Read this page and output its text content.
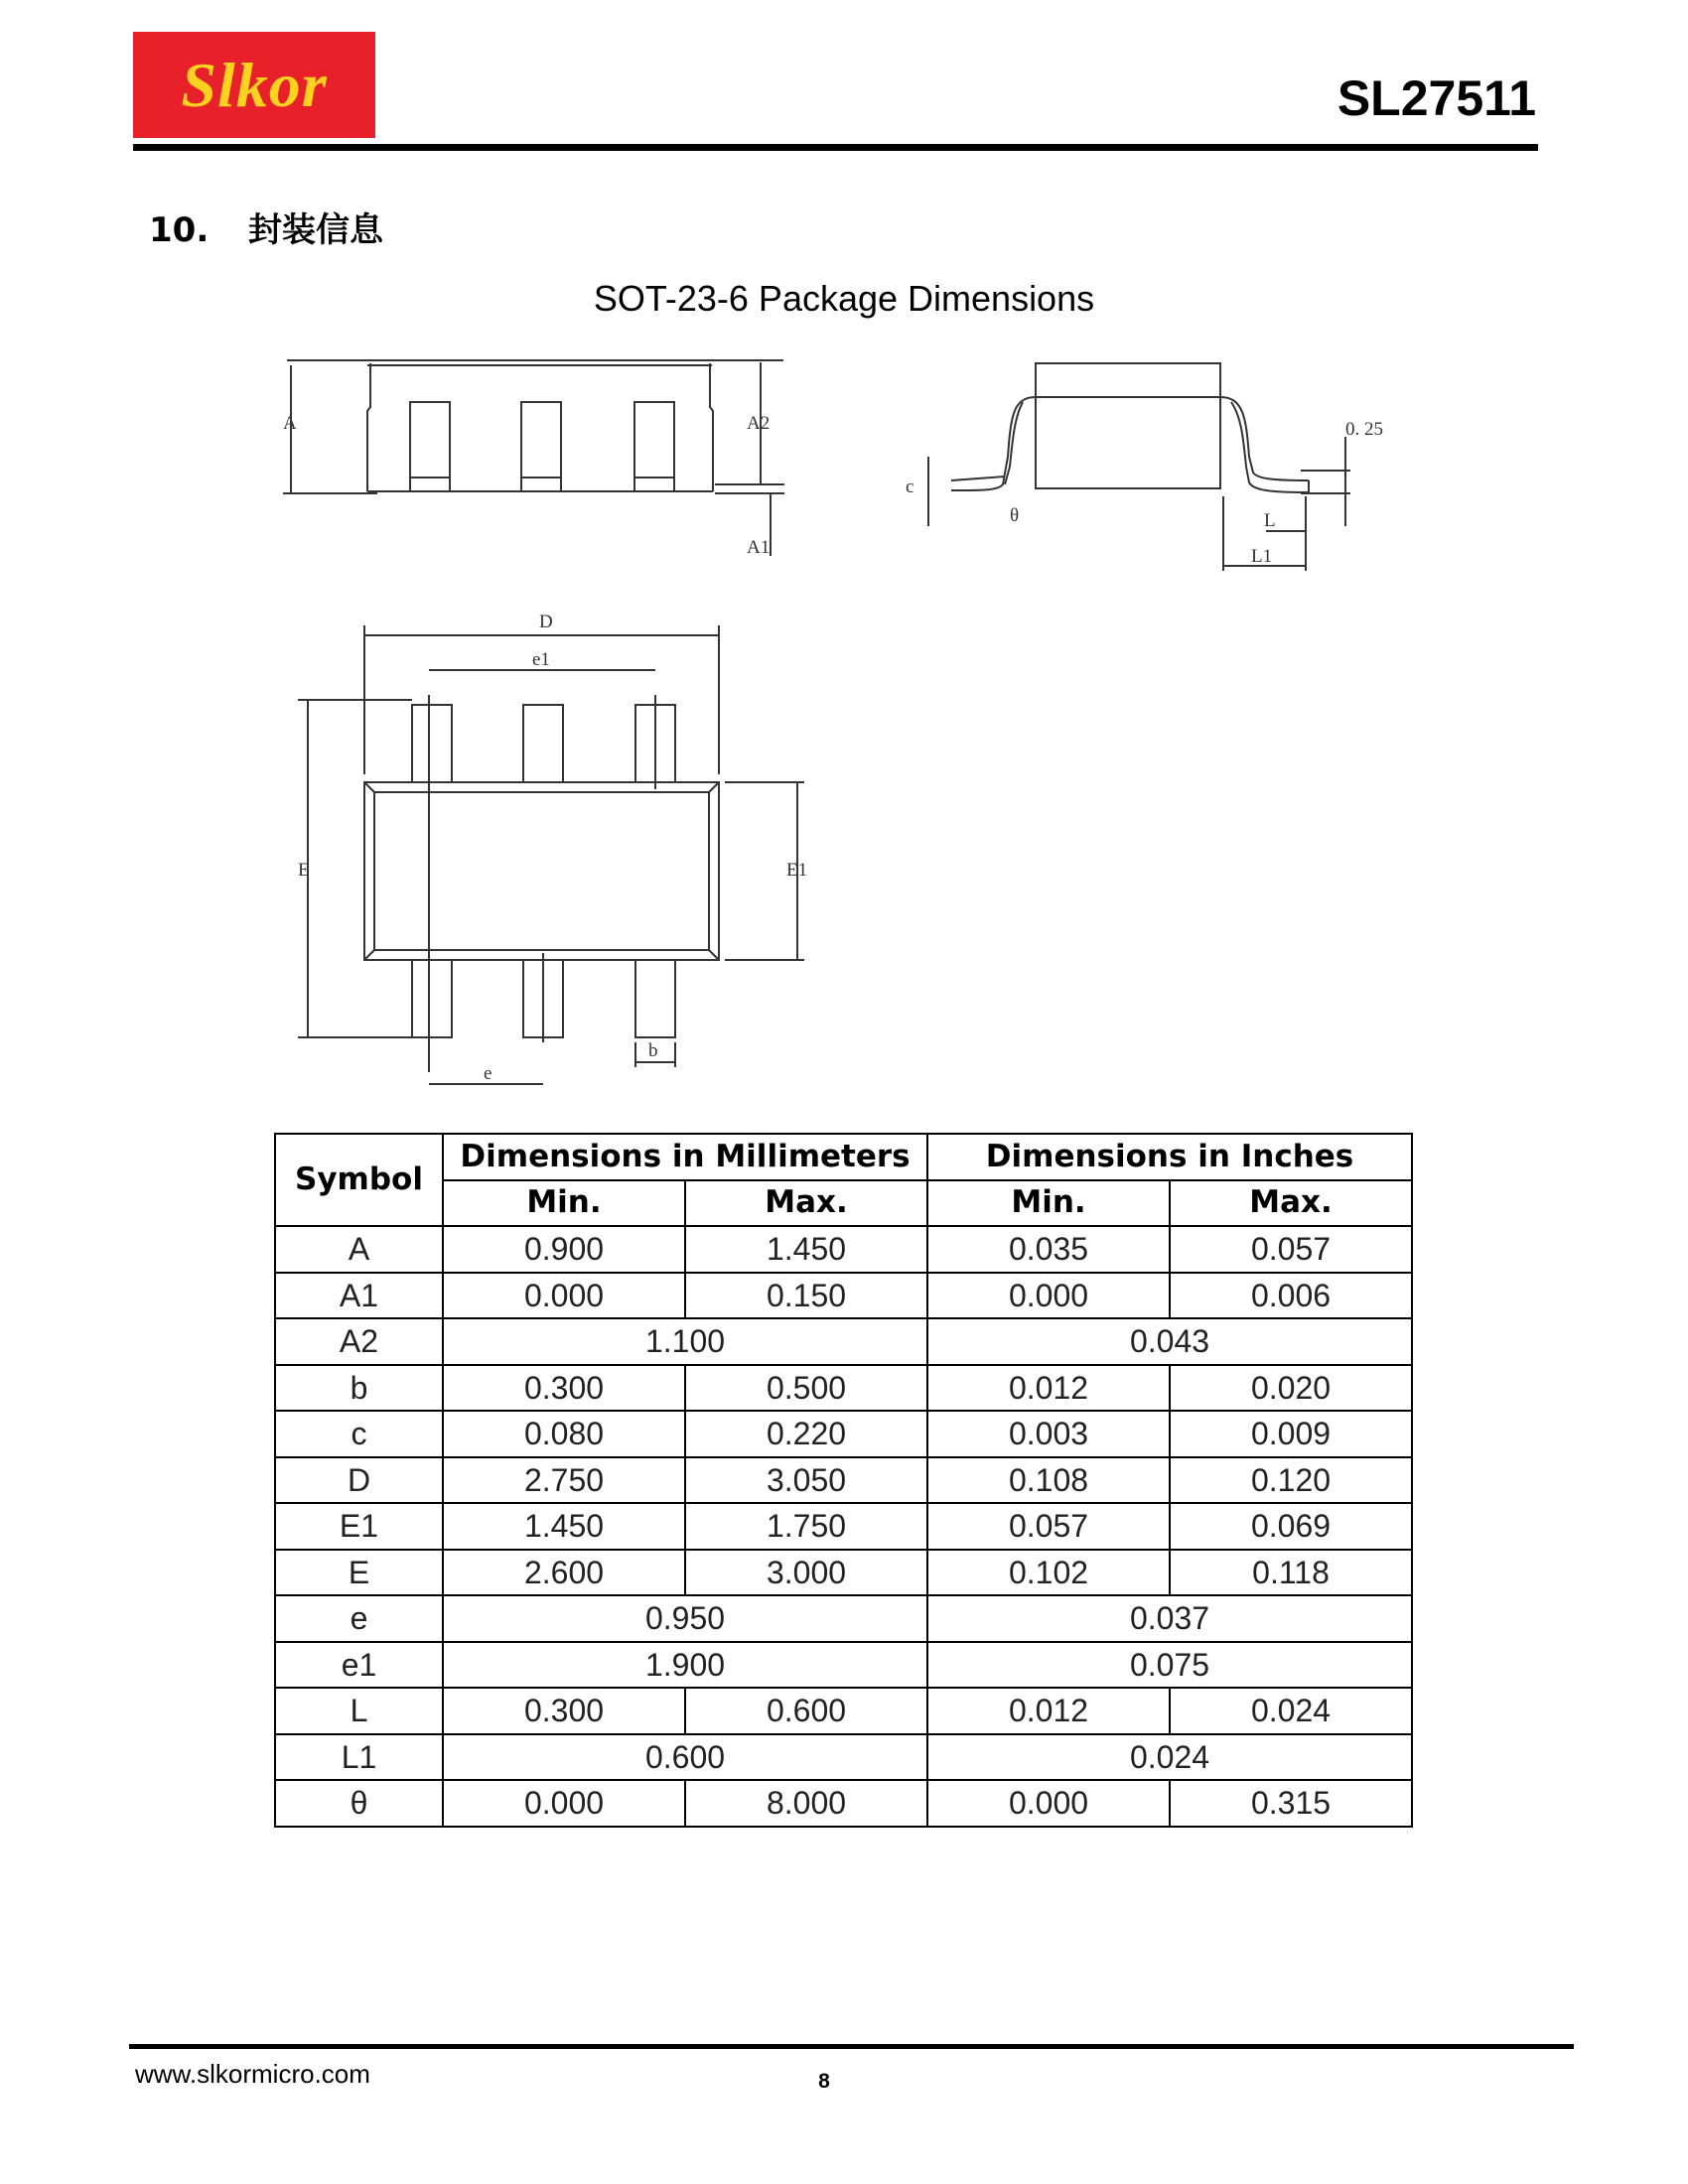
Slkor	SL27511
10. 封装信息
SOT-23-6 Package Dimensions
A	A2
A1
c
θ
0. 25
L
L1
D
e1
E	E1
e
b
Symbol	Dimensions in Millimeters		Dimensions in Inches	
	Min.	Max.	Min.	Max.
A	0.900	1.450	0.035	0.057
A1	0.000	0.150	0.000	0.006
A2	1.100		0.043	
b	0.300	0.500	0.012	0.020
c	0.080	0.220	0.003	0.009
D	2.750	3.050	0.108	0.120
E1	1.450	1.750	0.057	0.069
E	2.600	3.000	0.102	0.118
e	0.950		0.037	
e1	1.900		0.075	
L	0.300	0.600	0.012	0.024
L1	0.600		0.024	
θ	0.000	8.000	0.000	0.315
www.slkormicro.com	8
